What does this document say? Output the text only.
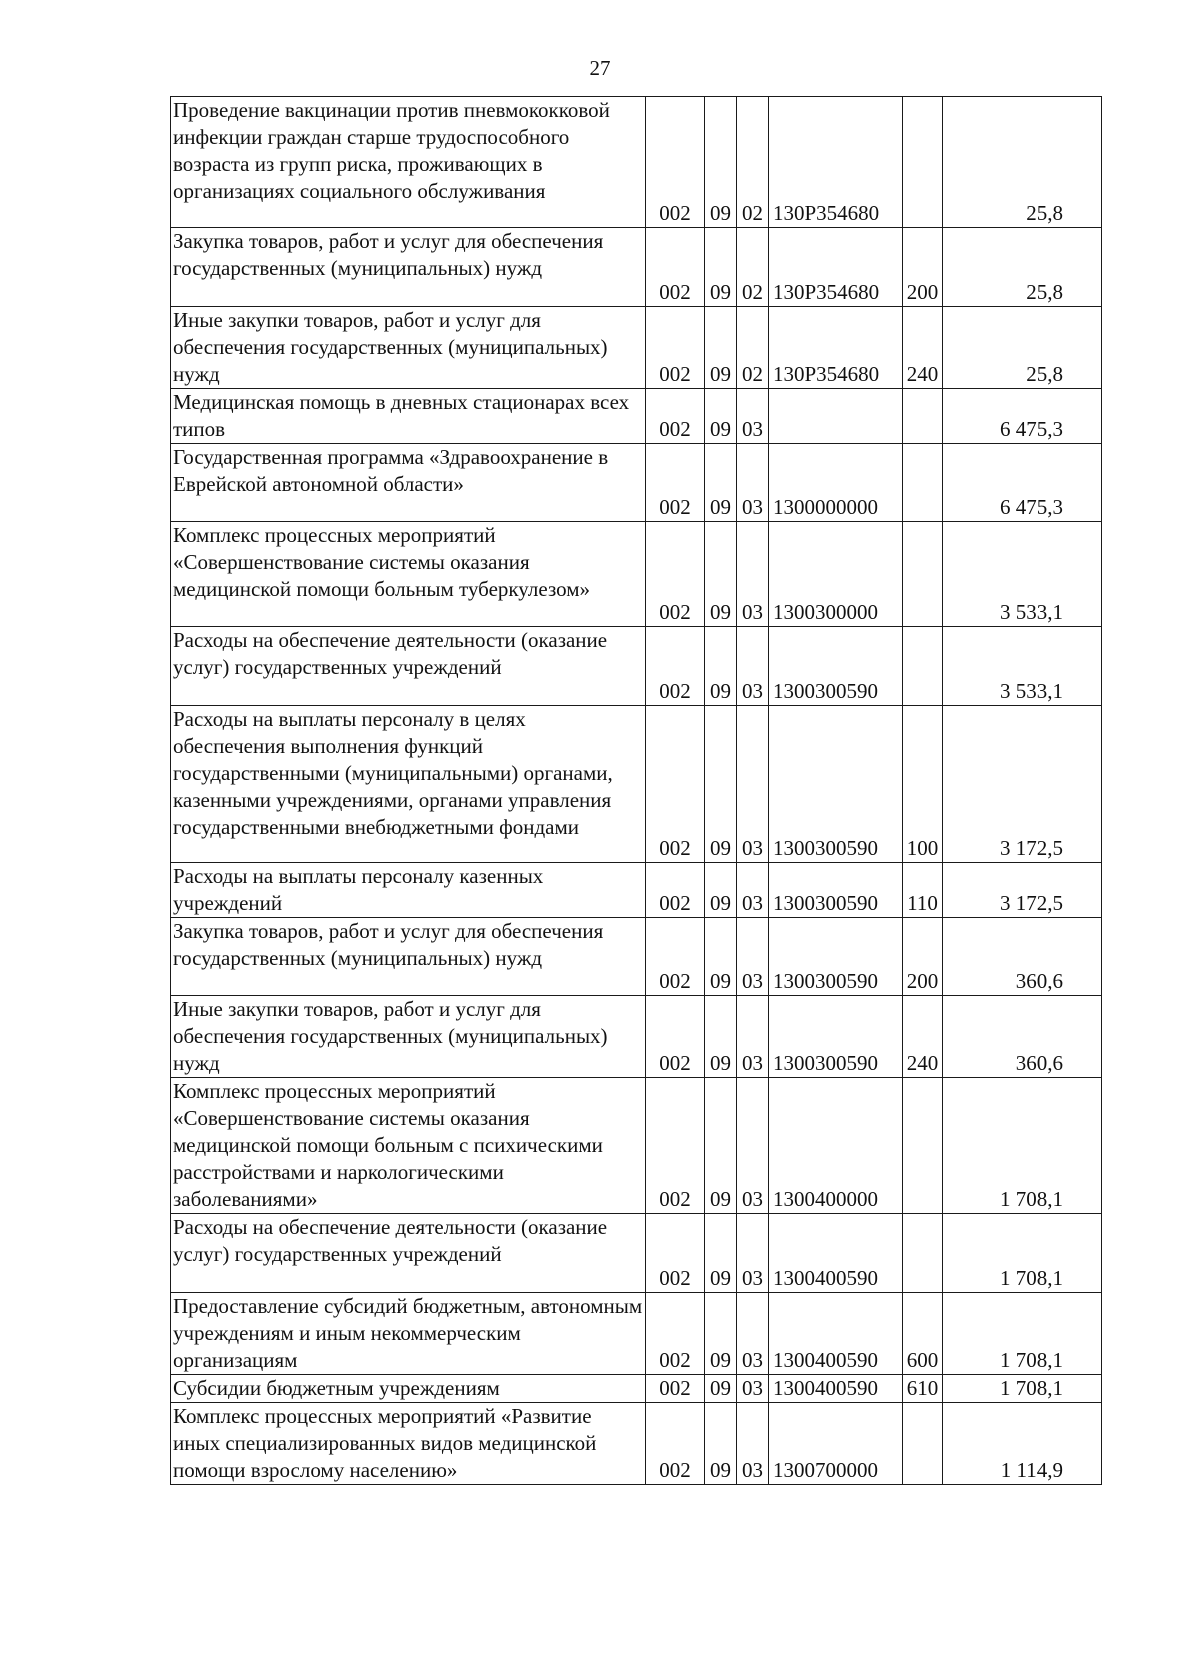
27
Проведение вакцинации против пневмококковой инфекции граждан старше трудоспособного возраста из групп риска, проживающих в организациях социального обслуживания	002	09	02	130P354680		25,8
Закупка товаров, работ и услуг для обеспечения государственных (муниципальных) нужд	002	09	02	130P354680	200	25,8
Иные закупки товаров, работ и услуг для обеспечения государственных (муниципальных) нужд	002	09	02	130P354680	240	25,8
Медицинская помощь в дневных стационарах всех типов	002	09	03			6 475,3
Государственная программа «Здравоохранение в Еврейской автономной области»	002	09	03	1300000000		6 475,3
Комплекс процессных мероприятий «Совершенствование системы оказания медицинской помощи больным туберкулезом»	002	09	03	1300300000		3 533,1
Расходы на обеспечение деятельности (оказание услуг) государственных учреждений	002	09	03	1300300590		3 533,1
Расходы на выплаты персоналу в целях обеспечения выполнения функций государственными (муниципальными) органами, казенными учреждениями, органами управления государственными внебюджетными фондами	002	09	03	1300300590	100	3 172,5
Расходы на выплаты персоналу казенных учреждений	002	09	03	1300300590	110	3 172,5
Закупка товаров, работ и услуг для обеспечения государственных (муниципальных) нужд	002	09	03	1300300590	200	360,6
Иные закупки товаров, работ и услуг для обеспечения государственных (муниципальных) нужд	002	09	03	1300300590	240	360,6
Комплекс процессных мероприятий «Совершенствование системы оказания медицинской помощи больным с психическими расстройствами и наркологическими заболеваниями»	002	09	03	1300400000		1 708,1
Расходы на обеспечение деятельности (оказание услуг) государственных учреждений	002	09	03	1300400590		1 708,1
Предоставление субсидий бюджетным, автономным учреждениям и иным некоммерческим организациям	002	09	03	1300400590	600	1 708,1
Субсидии бюджетным учреждениям	002	09	03	1300400590	610	1 708,1
Комплекс процессных мероприятий «Развитие иных специализированных видов медицинской помощи взрослому населению»	002	09	03	1300700000		1 114,9
